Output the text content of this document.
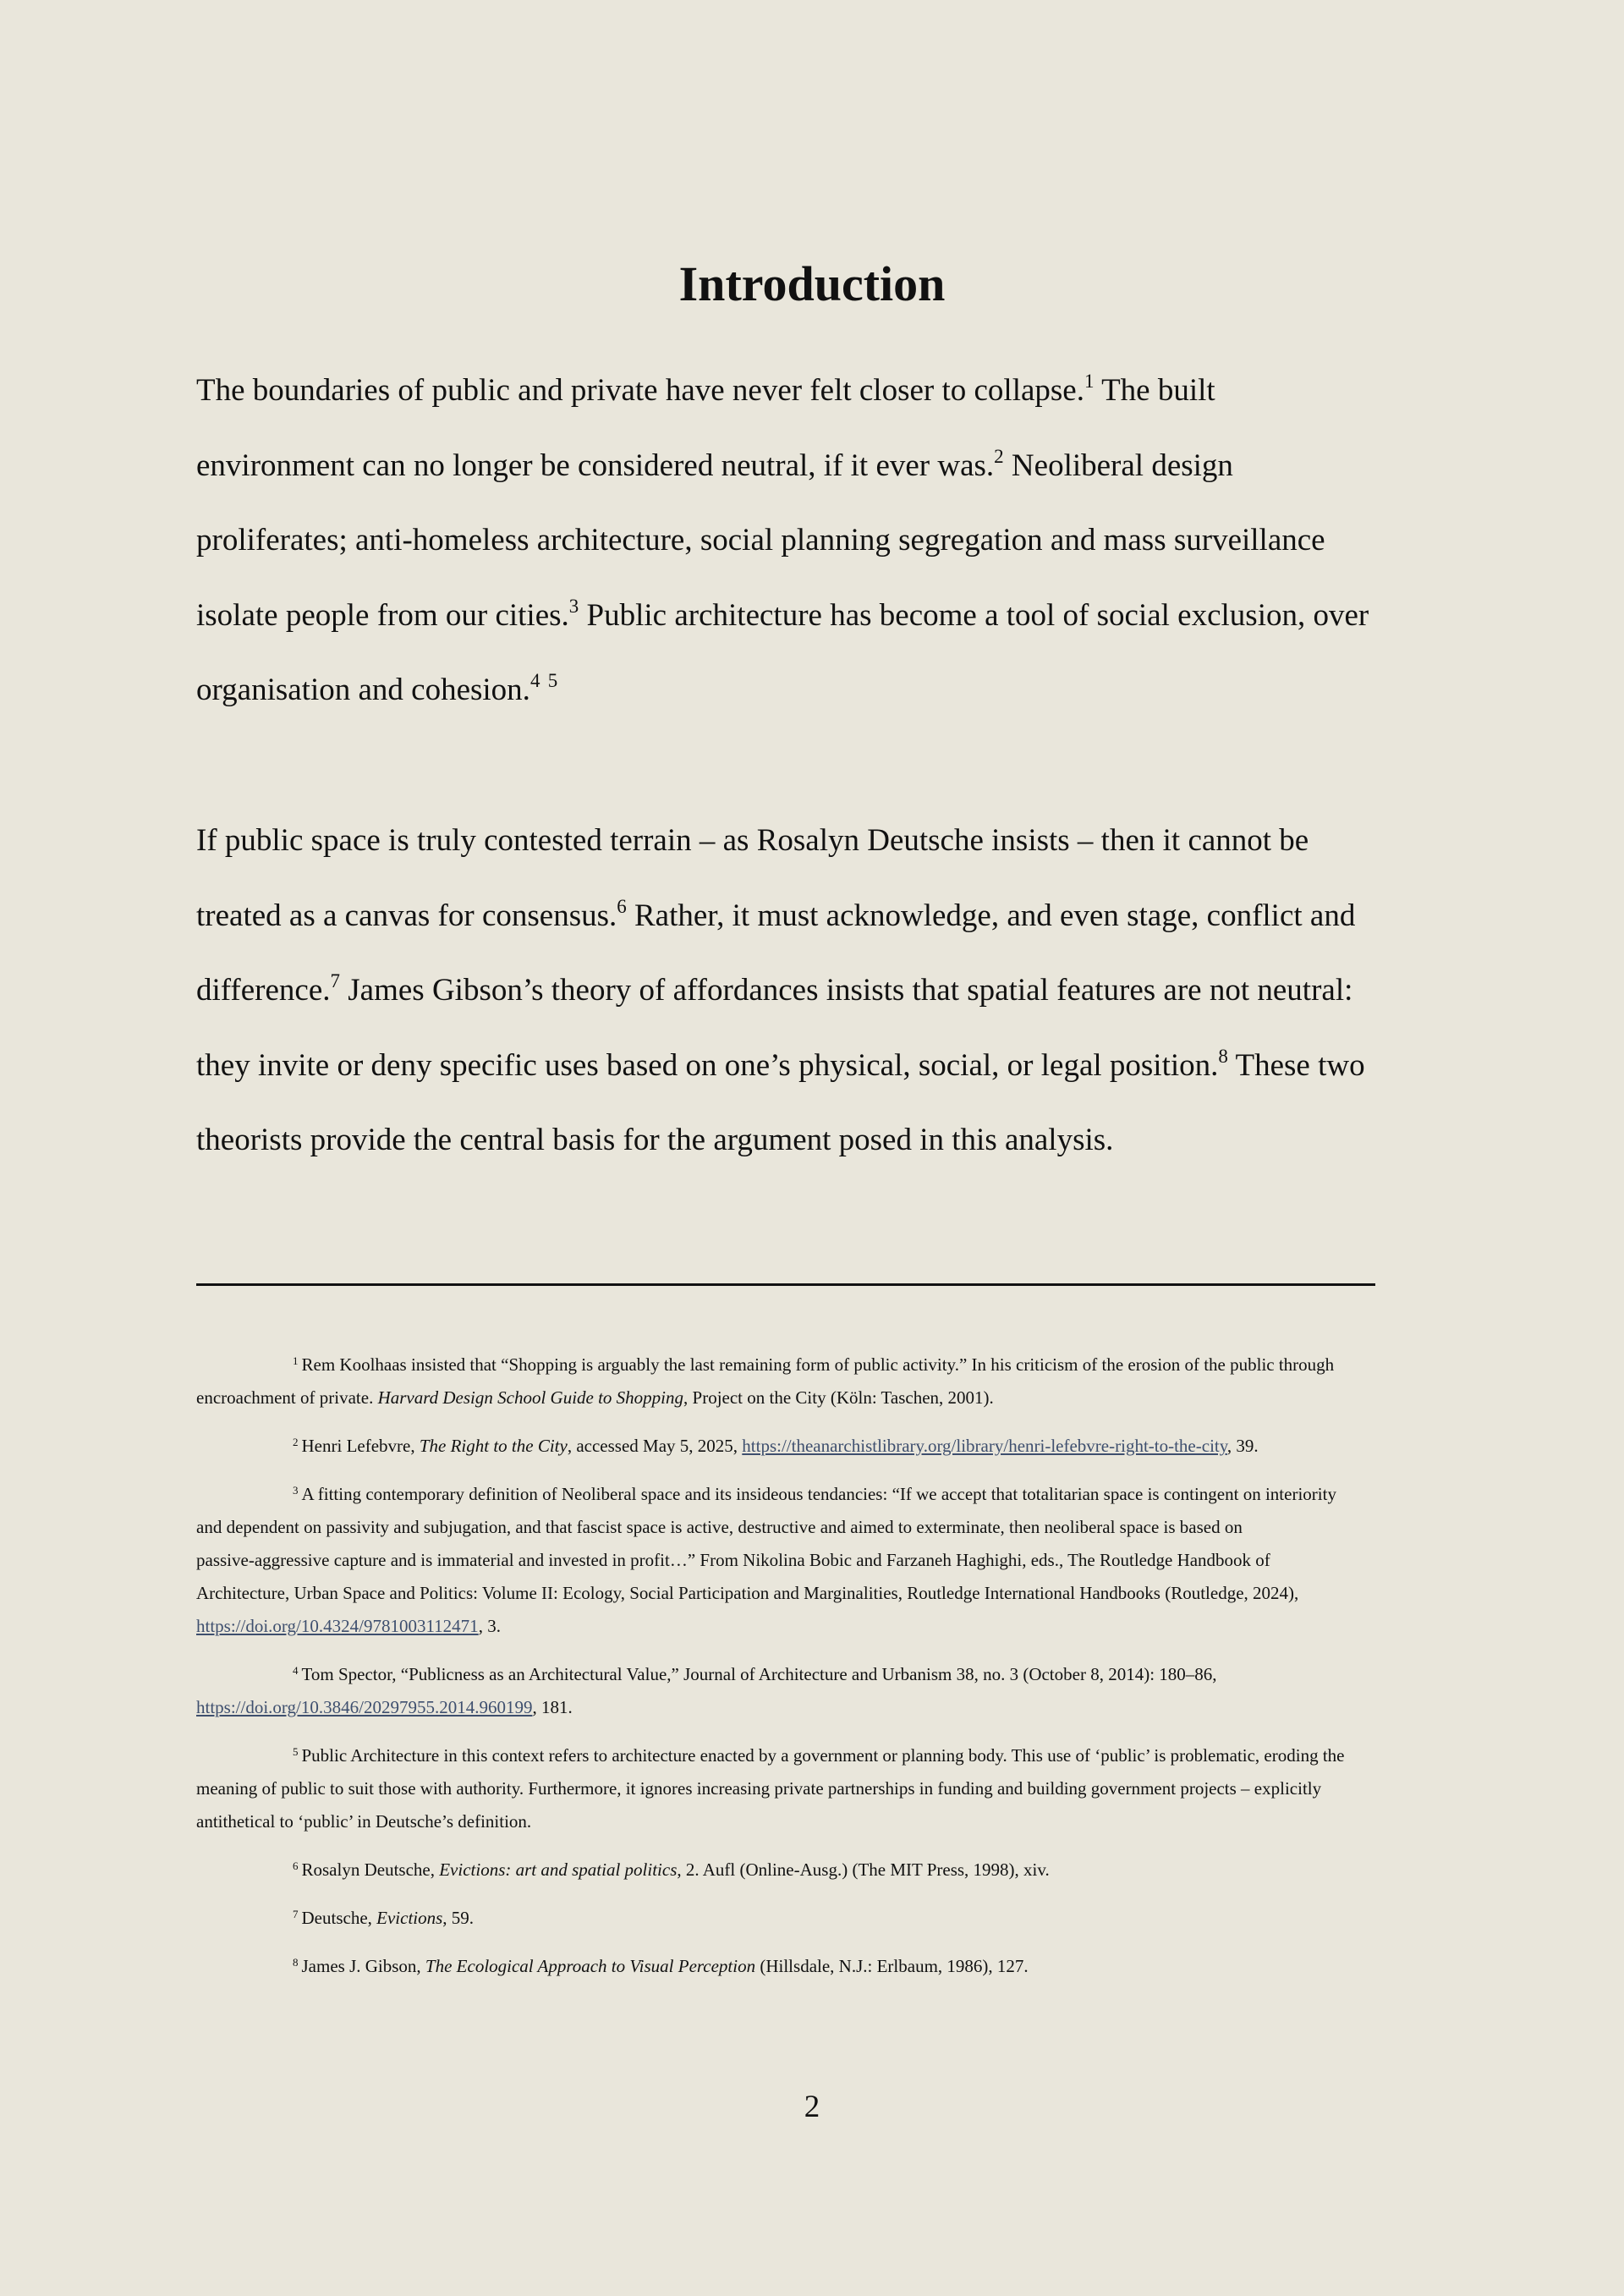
Introduction
The boundaries of public and private have never felt closer to collapse.$^1$ The built
environment can no longer be considered neutral, if it ever was.$^2$ Neoliberal design
proliferates; anti-homeless architecture, social planning segregation and mass surveillance
isolate people from our cities.$^3$ Public architecture has become a tool of social exclusion, over
organisation and cohesion.$^4$ $^5$
If public space is truly contested terrain – as Rosalyn Deutsche insists – then it cannot be
treated as a canvas for consensus.$^6$ Rather, it must acknowledge, and even stage, conflict and
difference.$^7$ James Gibson’s theory of affordances insists that spatial features are not neutral:
they invite or deny specific uses based on one’s physical, social, or legal position.$^8$ These two
theorists provide the central basis for the argument posed in this analysis.

$^1$ Rem Koolhaas insisted that “Shopping is arguably the last remaining form of public activity.” In his criticism of the erosion of the public through
encroachment of private. Harvard Design School Guide to Shopping, Project on the City (Köln: Taschen, 2001).

$^2$ Henri Lefebvre, The Right to the City, accessed May 5, 2025, https://theanarchistlibrary.org/library/henri-lefebvre-right-to-the-city, 39.

$^3$ A fitting contemporary definition of Neoliberal space and its insideous tendancies: “If we accept that totalitarian space is contingent on interiority
and dependent on passivity and subjugation, and that fascist space is active, destructive and aimed to exterminate, then neoliberal space is based on
passive-aggressive capture and is immaterial and invested in profit…” From Nikolina Bobic and Farzaneh Haghighi, eds., The Routledge Handbook of
Architecture, Urban Space and Politics: Volume II: Ecology, Social Participation and Marginalities, Routledge International Handbooks (Routledge, 2024),
https://doi.org/10.4324/9781003112471, 3.

$^4$ Tom Spector, “Publicness as an Architectural Value,” Journal of Architecture and Urbanism 38, no. 3 (October 8, 2014): 180–86,
https://doi.org/10.3846/20297955.2014.960199, 181.

$^5$ Public Architecture in this context refers to architecture enacted by a government or planning body. This use of ‘public’ is problematic, eroding the
meaning of public to suit those with authority. Furthermore, it ignores increasing private partnerships in funding and building government projects – explicitly
antithetical to ‘public’ in Deutsche’s definition.

$^6$ Rosalyn Deutsche, Evictions: art and spatial politics, 2. Aufl (Online-Ausg.) (The MIT Press, 1998), xiv.

$^7$ Deutsche, Evictions, 59.

$^8$ James J. Gibson, The Ecological Approach to Visual Perception (Hillsdale, N.J.: Erlbaum, 1986), 127.

2
